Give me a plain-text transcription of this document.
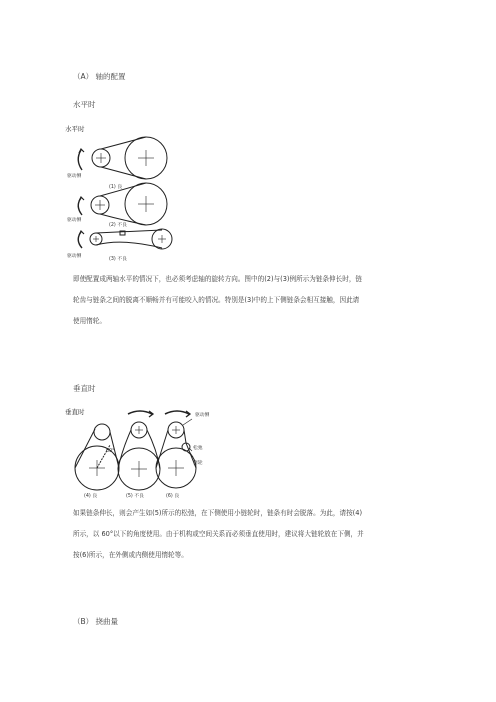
（A） 轴的配置
水平时
水平时
驱动侧
(1) 良
驱动侧
(2) 不良
驱动侧
(3) 不良
即使配置成两轴水平的情况下，也必须考虑轴的旋转方向。图中的(2)与(3)例所示为链条伸长时，链
轮齿与链条之间的脱离不顺畅并有可能咬入的情况。特别是(3)中的上下侧链条会相互接触，因此请
使用惰轮。
垂直时
垂直时	驱动侧
松弛
惰轮
60°
(4) 良	(5) 不良	(6) 良
如果链条伸长，则会产生如(5)所示的松弛，在下侧使用小链轮时，链条有时会脱落。为此，请按(4)
所示，以 60°以下的角度使用。由于机构或空间关系而必须垂直使用时，建议将大链轮放在下侧，并
按(6)所示，在外侧或内侧使用惰轮等。
（B） 挠曲量
